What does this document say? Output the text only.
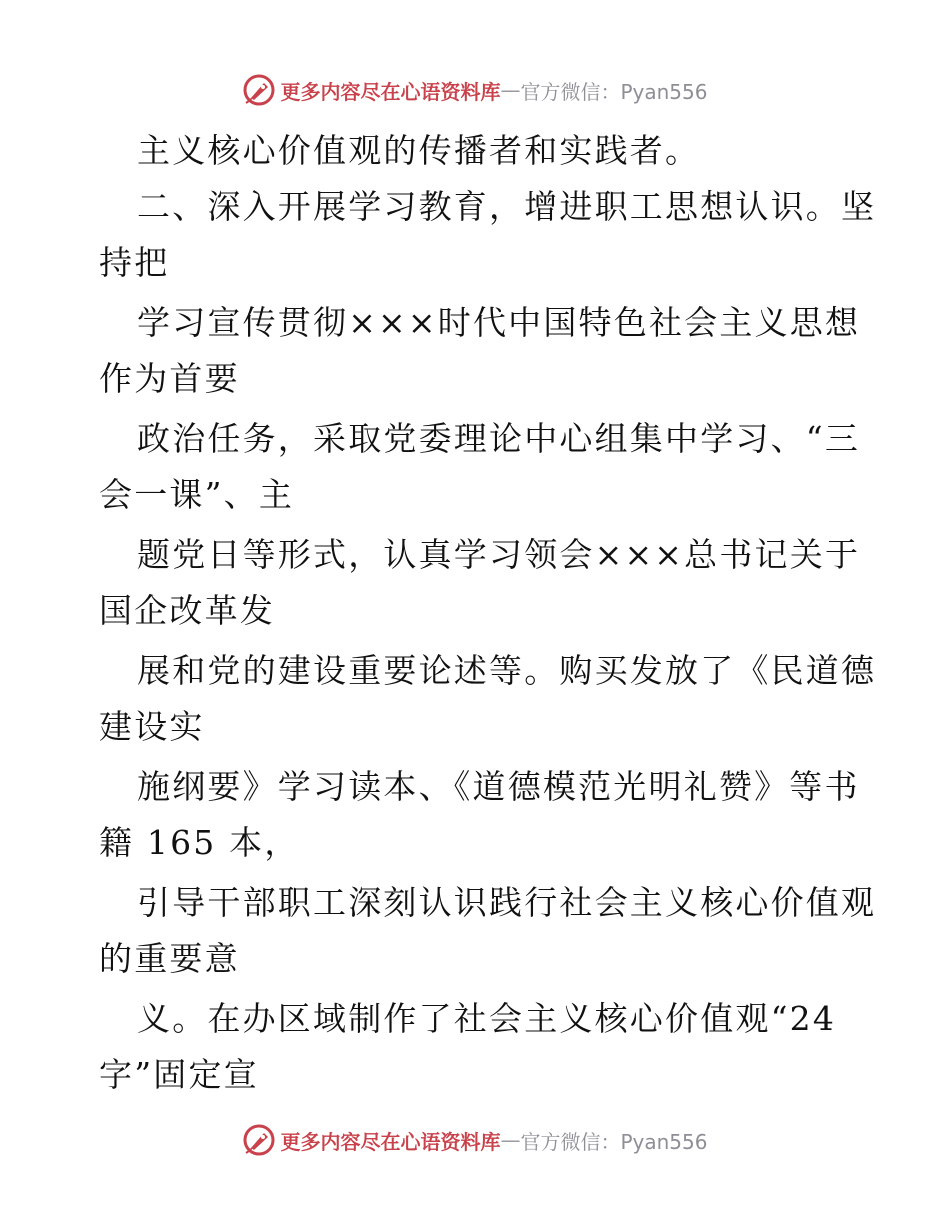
更多内容尽在心语资料库 — 官方微信：Pyan556
主义核心价值观的传播者和实践者。
二、深入开展学习教育，增进职工思想认识。坚
持把
学习宣传贯彻×××时代中国特色社会主义思想
作为首要
政治任务，采取党委理论中心组集中学习、“三
会一课”、主
题党日等形式，认真学习领会×××总书记关于
国企改革发
展和党的建设重要论述等。购买发放了《民道德
建设实
施纲要》学习读本、《道德模范光明礼赞》等书
籍 165 本，
引导干部职工深刻认识践行社会主义核心价值观
的重要意
义。在办区域制作了社会主义核心价值观“24
字”固定宣
更多内容尽在心语资料库 — 官方微信：Pyan556
